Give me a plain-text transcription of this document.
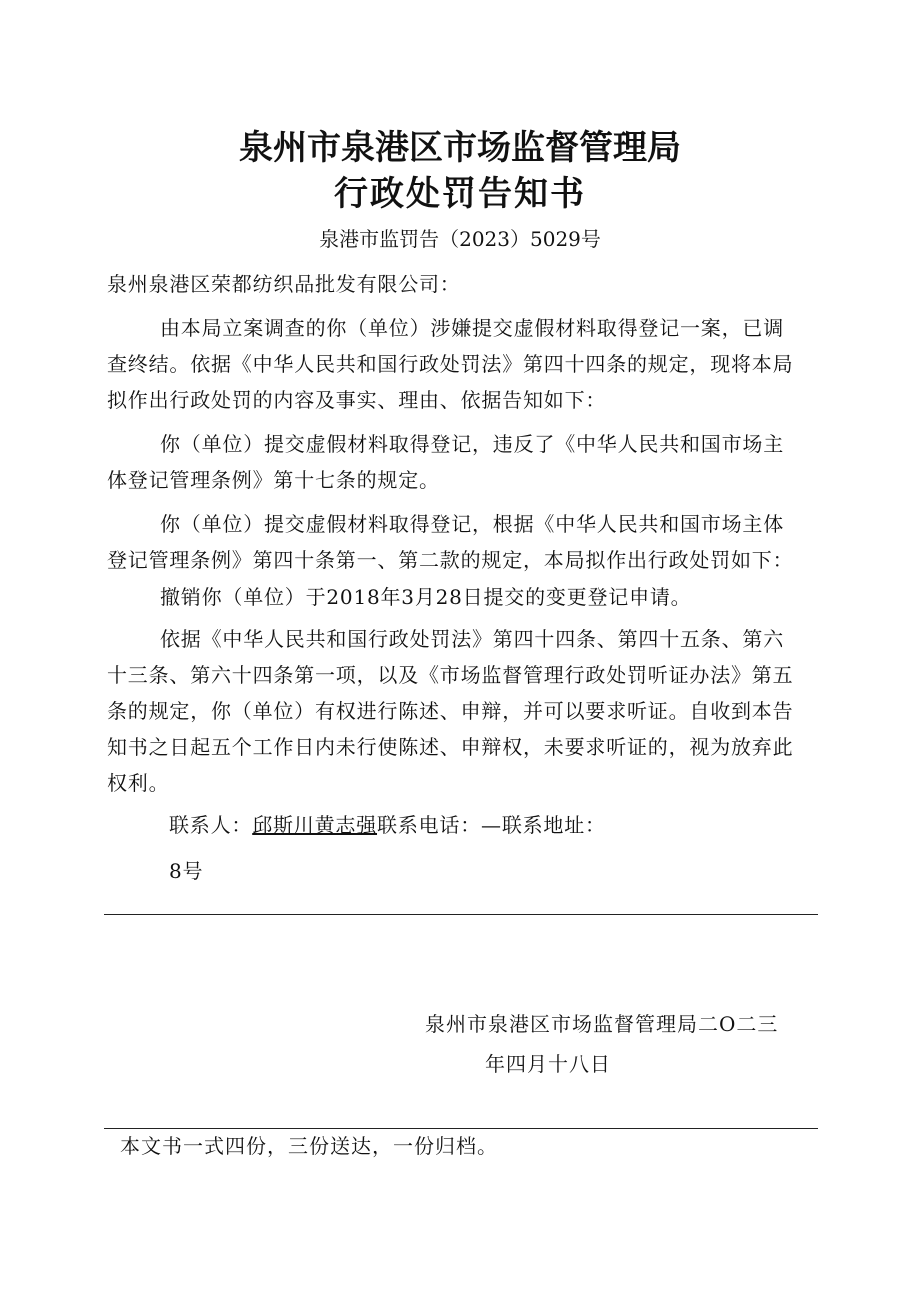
泉州市泉港区市场监督管理局
行政处罚告知书
泉港市监罚告（2023）5029号
泉州泉港区荣都纺织品批发有限公司：
由本局立案调查的你（单位）涉嫌提交虚假材料取得登记一案，已调
查终结。依据《中华人民共和国行政处罚法》第四十四条的规定，现将本局
拟作出行政处罚的内容及事实、理由、依据告知如下：
你（单位）提交虚假材料取得登记，违反了《中华人民共和国市场主
体登记管理条例》第十七条的规定。
你（单位）提交虚假材料取得登记，根据《中华人民共和国市场主体
登记管理条例》第四十条第一、第二款的规定，本局拟作出行政处罚如下：
撤销你（单位）于2018年3月28日提交的变更登记申请。
依据《中华人民共和国行政处罚法》第四十四条、第四十五条、第六
十三条、第六十四条第一项，以及《市场监督管理行政处罚听证办法》第五
条的规定，你（单位）有权进行陈述、申辩，并可以要求听证。自收到本告
知书之日起五个工作日内未行使陈述、申辩权，未要求听证的，视为放弃此
权利。
联系人：邱斯川黄志强联系电话：—联系地址：
8号
泉州市泉港区市场监督管理局二O二三
年四月十八日
本文书一式四份，三份送达，一份归档。
